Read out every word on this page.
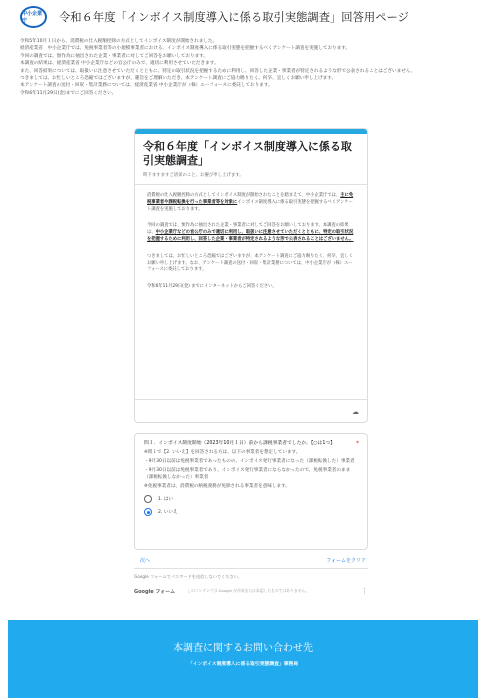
中小企業庁	令和６年度「インボイス制度導入に係る取引実態調査」回答用ページ

令和5年10月１日から、消費税の仕入税額控除の方式としてインボイス制度が開始されました。

経済産業省　中小企業庁では、免税事業者等の小規模事業者における、インボイス制度導入に係る取引実態を把握するべくアンケート調査を実施しております。

今回の調査では、無作為に抽出された企業・事業者に対してご回答をお願いしております。

本調査の結果は、経済産業省 中小企業庁などの官公庁のみで、適切に利用させていただきます。

また、回答結果については、取扱いに注意させていただくとともに、特定の取引状況を把握するために利用し、回答した企業・事業者が特定されるような形で公表されることはございません。

つきましては、お忙しいところ恐縮ではございますが、趣旨をご理解いただき、本アンケート調査にご協力賜りたく、何卒、宜しくお願い申し上げます。

本アンケート調査の送付・回収・集計業務については、経済産業省 中小企業庁が（株）エーフォースに委託しております。

令和6年11月29日(金)までにご回答ください。

令和６年度「インボイス制度導入に係る取引実態調査」
時下ますますご清栄のこと、お慶び申し上げます。

消費税の仕入税額控除の方式としてインボイス制度が開始されたことを踏まえて、中小企業庁では、主に免税事業者や課税転換を行った事業者等を対象にインボイス制度導入に係る取引実態を把握するべくアンケート調査を実施しております。

今回の調査では、無作為に抽出された企業・事業者に対してご回答をお願いしております。本調査の結果は、中小企業庁などの官公庁のみで適切に利用し、取扱いに注意させていただくとともに、特定の取引状況を把握するために利用し、回答した企業・事業者が特定されるような形で公表されることはございません。

つきましては、お忙しいところ恐縮ではございますが、本アンケート調査にご協力賜りたく、何卒、宜しくお願い申し上げます。なお、アンケート調査の送付・回収・集計業務については、中小企業庁が（株）エーフォースに委託しております。

令和6年11月29日(金) までにインターネットからご回答ください。

☁
問１．インボイス制度開始（2023年10月１日）前から課税事業者でしたか。【○は1つ】	*
※問１で【2. いいえ】を回答される方は、以下の事業者を想定しています。
・9月30日以前は免税事業者であったものの、インボイス発行事業者になった（課税転換した）事業者
・9月30日以前は免税事業者であり、インボイス発行事業者にならなかったので、免税事業者のまま（課税転換しなかった）事業者
※免税事業者は、消費税の納税義務が免除される事業者を意味します。
1. はい
2. いいえ
次へ	フォームをクリア
Google フォームでパスワードを送信しないでください。
Google フォーム	このコンテンツは Google が作成または承認したものではありません。	⋮
本調査に関するお問い合わせ先
「インボイス制度導入に係る取引実態調査」事務局
